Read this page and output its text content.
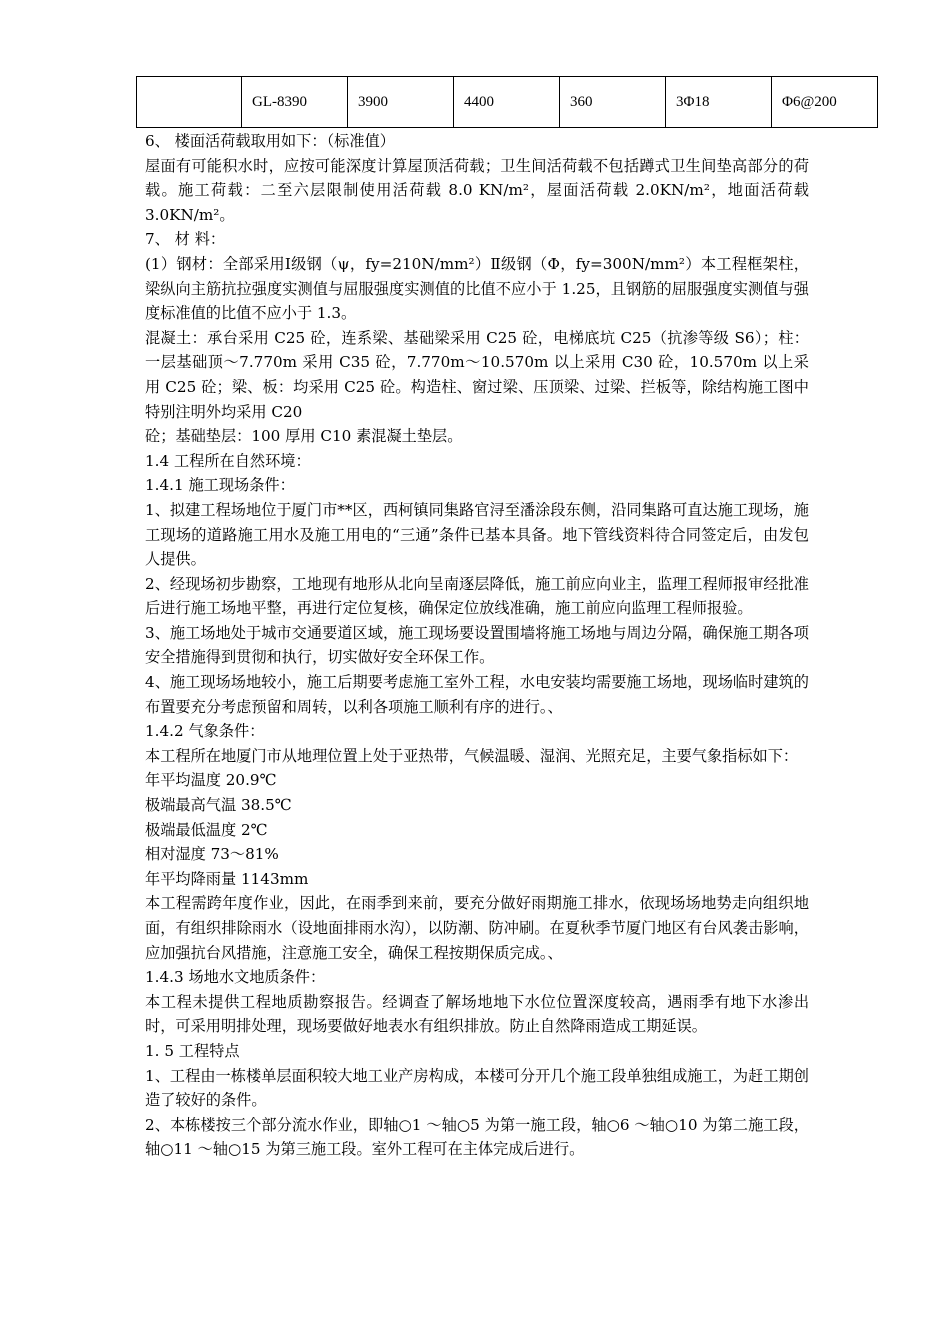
	GL-8390	3900	4400	360	3Φ18	Φ6@200

6、 楼面活荷载取用如下：（标准值）

屋面有可能积水时，应按可能深度计算屋顶活荷载；卫生间活荷载不包括蹲式卫生间垫高部分的荷载。施工荷载：二至六层限制使用活荷载 8.0 KN/m²，屋面活荷载 2.0KN/m²，地面活荷载 3.0KN/m²。

7、 材 料：

(1）钢材：全部采用Ⅰ级钢（ψ，fy=210N/mm²）Ⅱ级钢（Φ，fy=300N/mm²）本工程框架柱，梁纵向主筋抗拉强度实测值与屈服强度实测值的比值不应小于 1.25，且钢筋的屈服强度实测值与强度标准值的比值不应小于 1.3。

混凝土：承台采用 C25 砼，连系梁、基础梁采用 C25 砼，电梯底坑 C25（抗渗等级 S6）；柱：一层基础顶～7.770m 采用 C35 砼，7.770m～10.570m 以上采用 C30 砼，10.570m 以上采用 C25 砼；梁、板：均采用 C25 砼。构造柱、窗过梁、压顶梁、过梁、拦板等，除结构施工图中特别注明外均采用 C20

砼；基础垫层：100 厚用 C10 素混凝土垫层。

1.4 工程所在自然环境：

1.4.1 施工现场条件：

1、拟建工程场地位于厦门市**区，西柯镇同集路官浔至潘涂段东侧，沿同集路可直达施工现场，施工现场的道路施工用水及施工用电的“三通”条件已基本具备。地下管线资料待合同签定后，由发包人提供。

2、经现场初步勘察，工地现有地形从北向呈南逐层降低，施工前应向业主，监理工程师报审经批准后进行施工场地平整，再进行定位复核，确保定位放线准确，施工前应向监理工程师报验。

3、施工场地处于城市交通要道区域，施工现场要设置围墙将施工场地与周边分隔，确保施工期各项安全措施得到贯彻和执行，切实做好安全环保工作。

4、施工现场场地较小，施工后期要考虑施工室外工程，水电安装均需要施工场地，现场临时建筑的布置要充分考虑预留和周转，以利各项施工顺利有序的进行。、

1.4.2 气象条件：

本工程所在地厦门市从地理位置上处于亚热带，气候温暖、湿润、光照充足，主要气象指标如下：

年平均温度 20.9℃

极端最高气温 38.5℃

极端最低温度 2℃

相对湿度 73～81%

年平均降雨量 1143mm

本工程需跨年度作业，因此，在雨季到来前，要充分做好雨期施工排水，依现场场地势走向组织地面，有组织排除雨水（设地面排雨水沟），以防潮、防冲刷。在夏秋季节厦门地区有台风袭击影响，应加强抗台风措施，注意施工安全，确保工程按期保质完成。、

1.4.3 场地水文地质条件：

本工程未提供工程地质勘察报告。经调查了解场地地下水位位置深度较高，遇雨季有地下水渗出时，可采用明排处理，现场要做好地表水有组织排放。防止自然降雨造成工期延误。

1. 5 工程特点

1、工程由一栋楼单层面积较大地工业产房构成，本楼可分开几个施工段单独组成施工，为赶工期创造了较好的条件。

2、本栋楼按三个部分流水作业，即轴○1 ～轴○5 为第一施工段，轴○6 ～轴○10 为第二施工段，轴○11 ～轴○15 为第三施工段。室外工程可在主体完成后进行。
